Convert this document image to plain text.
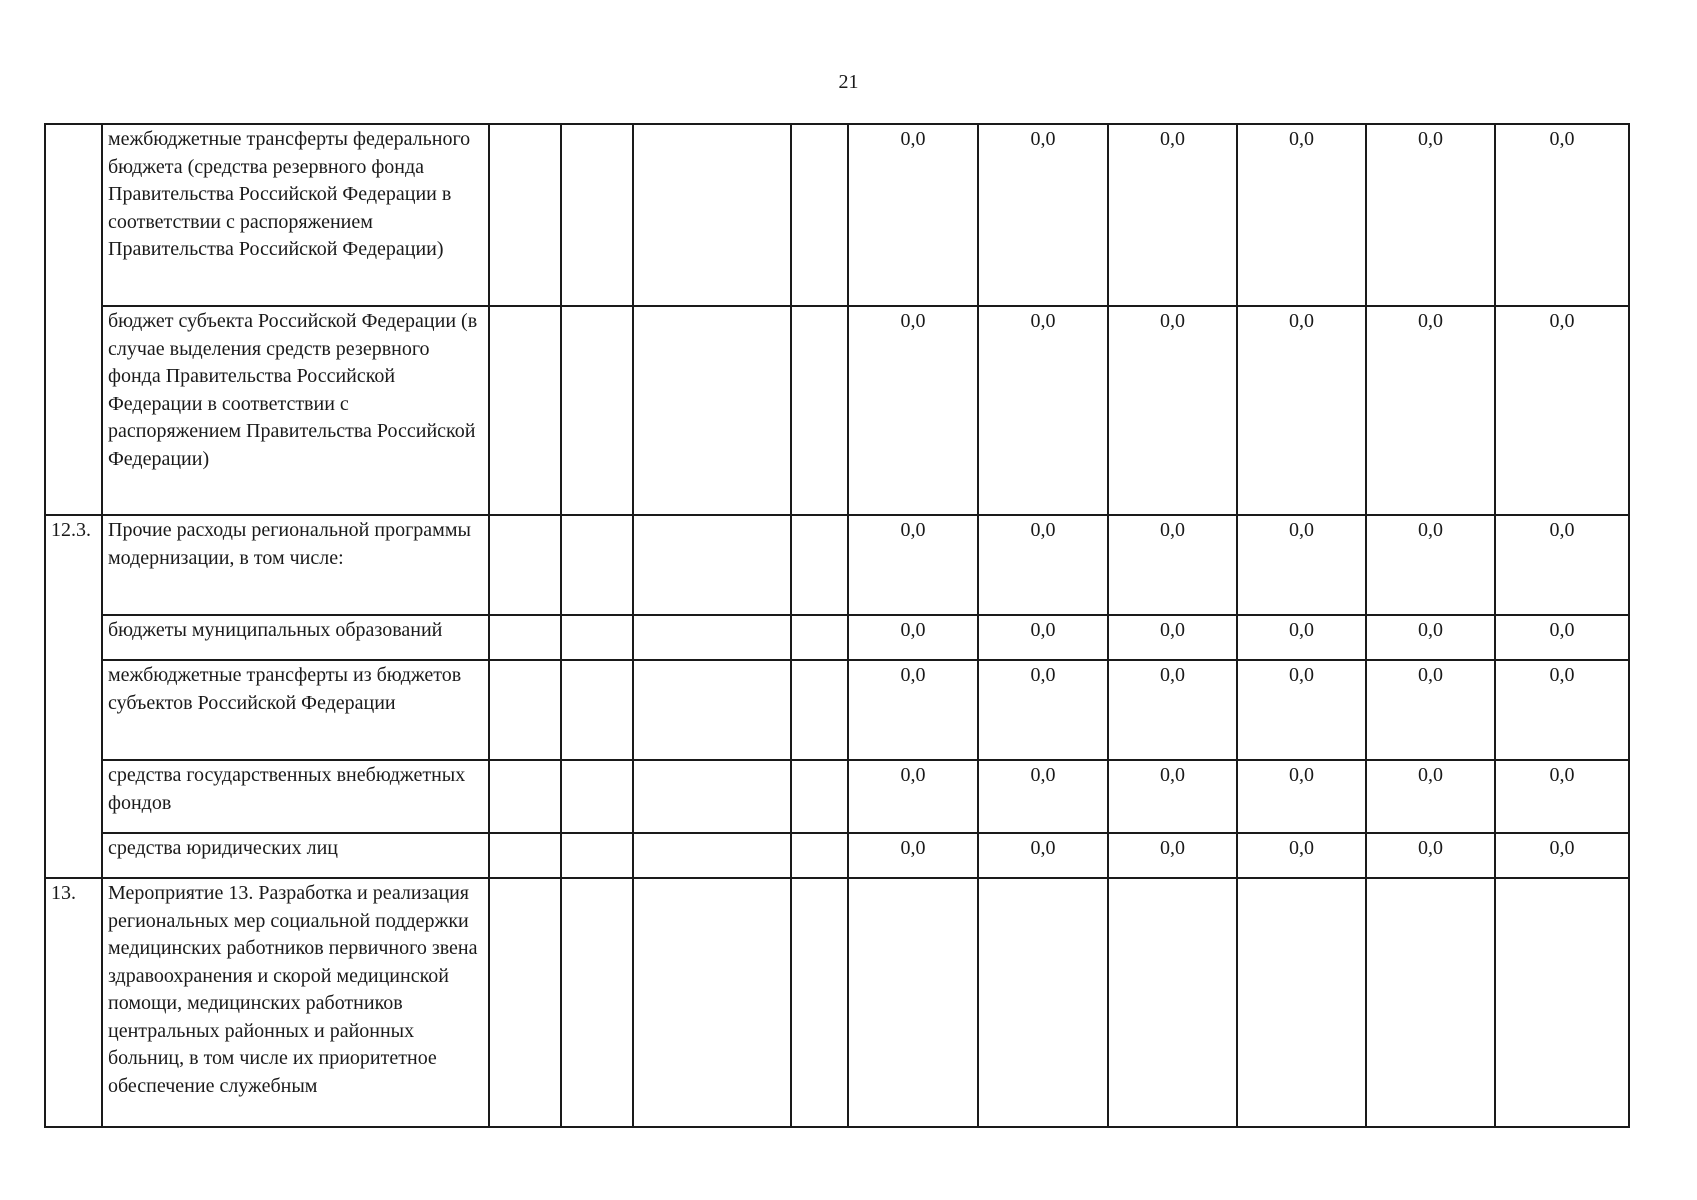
21
	межбюджетные трансферты федерального бюджета (средства резервного фонда Правительства Российской Федерации в соответствии с распоряжением Правительства Российской Федерации)					0,0	0,0	0,0	0,0	0,0	0,0
	бюджет субъекта Российской Федерации (в случае выделения средств резервного фонда Правительства Российской Федерации в соответствии с распоряжением Правительства Российской Федерации)					0,0	0,0	0,0	0,0	0,0	0,0
12.3.	Прочие расходы региональной программы модернизации, в том числе:					0,0	0,0	0,0	0,0	0,0	0,0
	бюджеты муниципальных образований					0,0	0,0	0,0	0,0	0,0	0,0
	межбюджетные трансферты из бюджетов субъектов Российской Федерации					0,0	0,0	0,0	0,0	0,0	0,0
	средства государственных внебюджетных фондов					0,0	0,0	0,0	0,0	0,0	0,0
	средства юридических лиц					0,0	0,0	0,0	0,0	0,0	0,0
13.	Мероприятие 13. Разработка и реализация региональных мер социальной поддержки медицинских работников первичного звена здравоохранения и скорой медицинской помощи, медицинских работников центральных районных и районных больниц, в том числе их приоритетное обеспечение служебным										
